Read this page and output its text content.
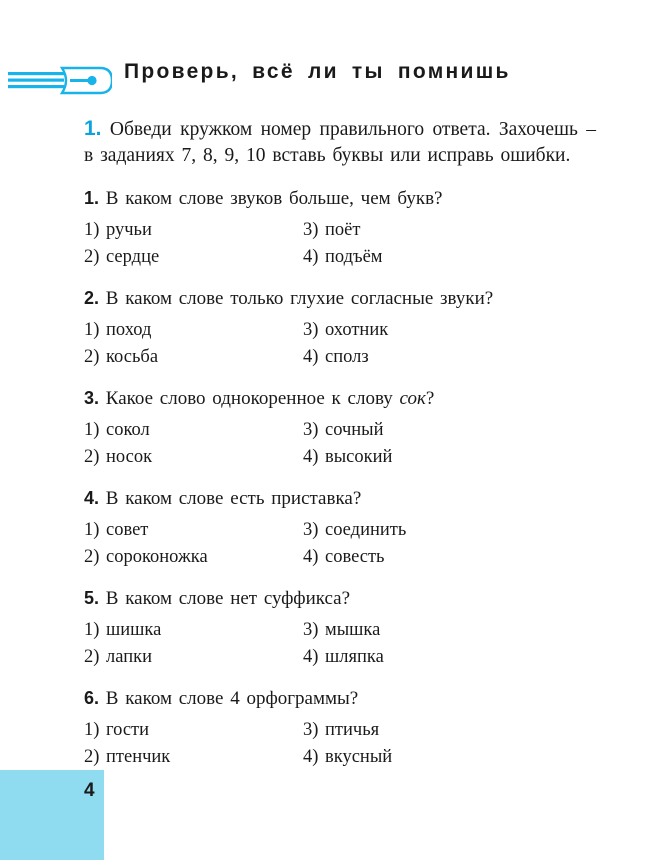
Проверь, всё ли ты помнишь
1. Обведи кружком номер правильного ответа. Захочешь – в заданиях 7, 8, 9, 10 вставь буквы или исправь ошибки.
1. В каком слове звуков больше, чем букв?
1) ручьи	3) поёт
2) сердце	4) подъём
2. В каком слове только глухие согласные звуки?
1) поход	3) охотник
2) косьба	4) сполз
3. Какое слово однокоренное к слову сок?
1) сокол	3) сочный
2) носок	4) высокий
4. В каком слове есть приставка?
1) совет	3) соединить
2) сороконожка	4) совесть
5. В каком слове нет суффикса?
1) шишка	3) мышка
2) лапки	4) шляпка
6. В каком слове 4 орфограммы?
1) гости	3) птичья
2) птенчик	4) вкусный
4
